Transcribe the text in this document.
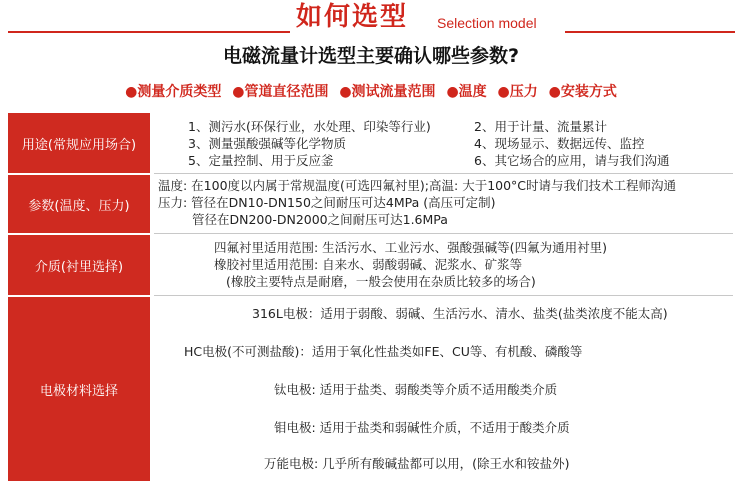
如何选型 Selection model
电磁流量计选型主要确认哪些参数?
●测量介质类型 ●管道直径范围 ●测试流量范围 ●温度 ●压力 ●安装方式
用途(常规应用场合)
1、测污水(环保行业，水处理、印染等行业)	2、用于计量、流量累计
3、测量强酸强碱等化学物质	4、现场显示、数据远传、监控
5、定量控制、用于反应釜	6、其它场合的应用，请与我们沟通
参数(温度、压力)
温度: 在100度以内属于常规温度(可选四氟衬里);高温: 大于100°C时请与我们技术工程师沟通
压力: 管径在DN10-DN150之间耐压可达4MPa (高压可定制)
管径在DN200-DN2000之间耐压可达1.6MPa
介质(衬里选择)
四氟衬里适用范围: 生活污水、工业污水、强酸强碱等(四氟为通用衬里)
橡胶衬里适用范围: 自来水、弱酸弱碱、泥浆水、矿浆等
(橡胶主要特点是耐磨，一般会使用在杂质比较多的场合)
电极材料选择
316L电极：适用于弱酸、弱碱、生活污水、清水、盐类(盐类浓度不能太高)
HC电极(不可测盐酸)：适用于氧化性盐类如FE、CU等、有机酸、磷酸等
钛电极: 适用于盐类、弱酸类等介质不适用酸类介质
钼电极: 适用于盐类和弱碱性介质，不适用于酸类介质
万能电极: 几乎所有酸碱盐都可以用，(除王水和铵盐外)
